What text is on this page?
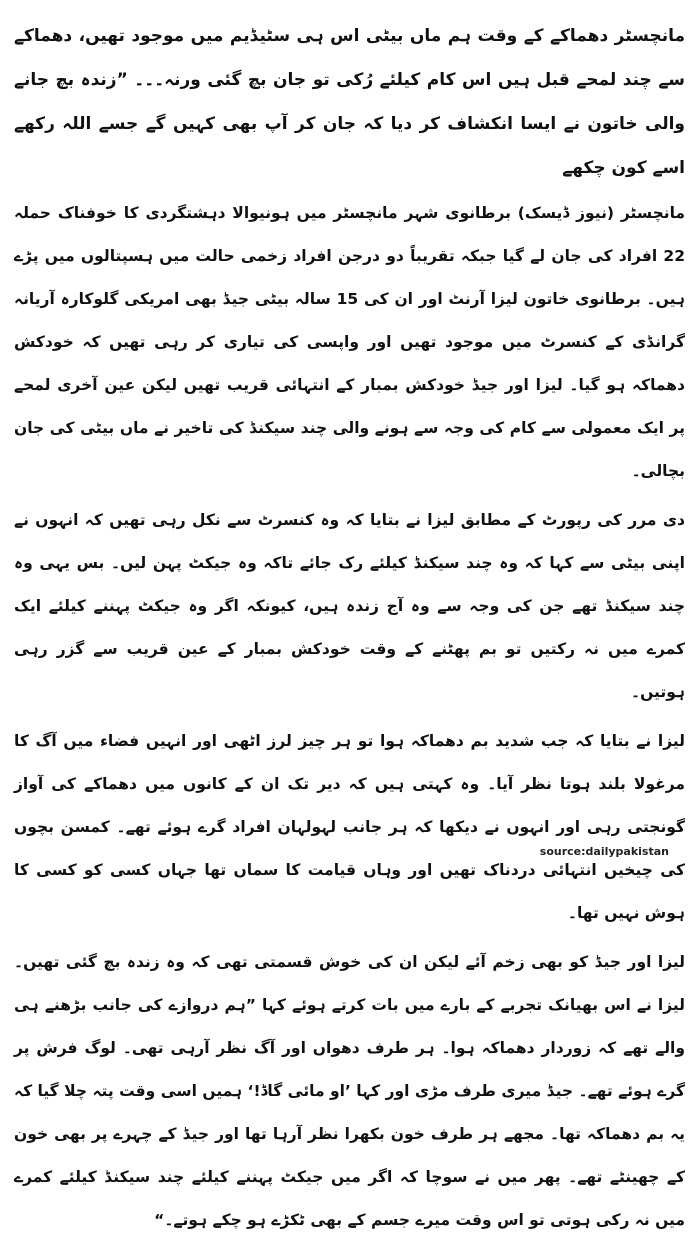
مانچسٹر دھماکے کے وقت ہم ماں بیٹی اس ہی سٹیڈیم میں موجود تھیں، دھماکے سے چند لمحے قبل ہیں اس کام کیلئے رُکی تو جان بچ گئی ورنہ۔۔۔ ”زندہ بچ جانے والی خاتون نے ایسا انکشاف کر دیا کہ جان کر آپ بھی کہیں گے جسے اللہ رکھے اسے کون چکھے
مانچسٹر (نیوز ڈیسک) برطانوی شہر مانچسٹر میں ہونیوالا دہشتگردی کا خوفناک حملہ 22 افراد کی جان لے گیا جبکہ تقریباً دو درجن افراد زخمی حالت میں ہسپتالوں میں پڑے ہیں۔ برطانوی خاتون لیزا آرنٹ اور ان کی 15 سالہ بیٹی جیڈ بھی امریکی گلوکارہ آریانہ گرانڈی کے کنسرٹ میں موجود تھیں اور واپسی کی تیاری کر رہی تھیں کہ خودکش دھماکہ ہو گیا۔ لیزا اور جیڈ خودکش بمبار کے انتہائی قریب تھیں لیکن عین آخری لمحے پر ایک معمولی سے کام کی وجہ سے ہونے والی چند سیکنڈ کی تاخیر نے ماں بیٹی کی جان بچالی۔
دی مرر کی رپورٹ کے مطابق لیزا نے بتایا کہ وہ کنسرٹ سے نکل رہی تھیں کہ انہوں نے اپنی بیٹی سے کہا کہ وہ چند سیکنڈ کیلئے رک جائے تاکہ وہ جیکٹ پہن لیں۔ بس یہی وہ چند سیکنڈ تھے جن کی وجہ سے وہ آج زندہ ہیں، کیونکہ اگر وہ جیکٹ پہننے کیلئے ایک کمرے میں نہ رکتیں تو بم پھٹنے کے وقت خودکش بمبار کے عین قریب سے گزر رہی ہوتیں۔
لیزا نے بتایا کہ جب شدید بم دھماکہ ہوا تو ہر چیز لرز اٹھی اور انہیں فضاء میں آگ کا مرغولا بلند ہوتا نظر آیا۔ وہ کہتی ہیں کہ دیر تک ان کے کانوں میں دھماکے کی آواز گونجتی رہی اور انہوں نے دیکھا کہ ہر جانب لہولہان افراد گرے ہوئے تھے۔ کمسن بچوں کی چیخیں انتہائی دردناک تھیں اور وہاں قیامت کا سماں تھا جہاں کسی کو کسی کا ہوش نہیں تھا۔
لیزا اور جیڈ کو بھی زخم آئے لیکن ان کی خوش قسمتی تھی کہ وہ زندہ بچ گئی تھیں۔ لیزا نے اس بھیانک تجربے کے بارے میں بات کرتے ہوئے کہا ”ہم دروازے کی جانب بڑھنے ہی والے تھے کہ زوردار دھماکہ ہوا۔ ہر طرف دھواں اور آگ نظر آرہی تھی۔ لوگ فرش پر گرے ہوئے تھے۔ جیڈ میری طرف مڑی اور کہا ’او مائی گاڈ!‘ ہمیں اسی وقت پتہ چلا گیا کہ یہ بم دھماکہ تھا۔ مجھے ہر طرف خون بکھرا نظر آرہا تھا اور جیڈ کے چہرے پر بھی خون کے چھینٹے تھے۔ پھر میں نے سوچا کہ اگر میں جیکٹ پہننے کیلئے چند سیکنڈ کیلئے کمرے میں نہ رکی ہوتی تو اس وقت میرے جسم کے بھی ٹکڑے ہو چکے ہوتے۔“
source:dailypakistan
